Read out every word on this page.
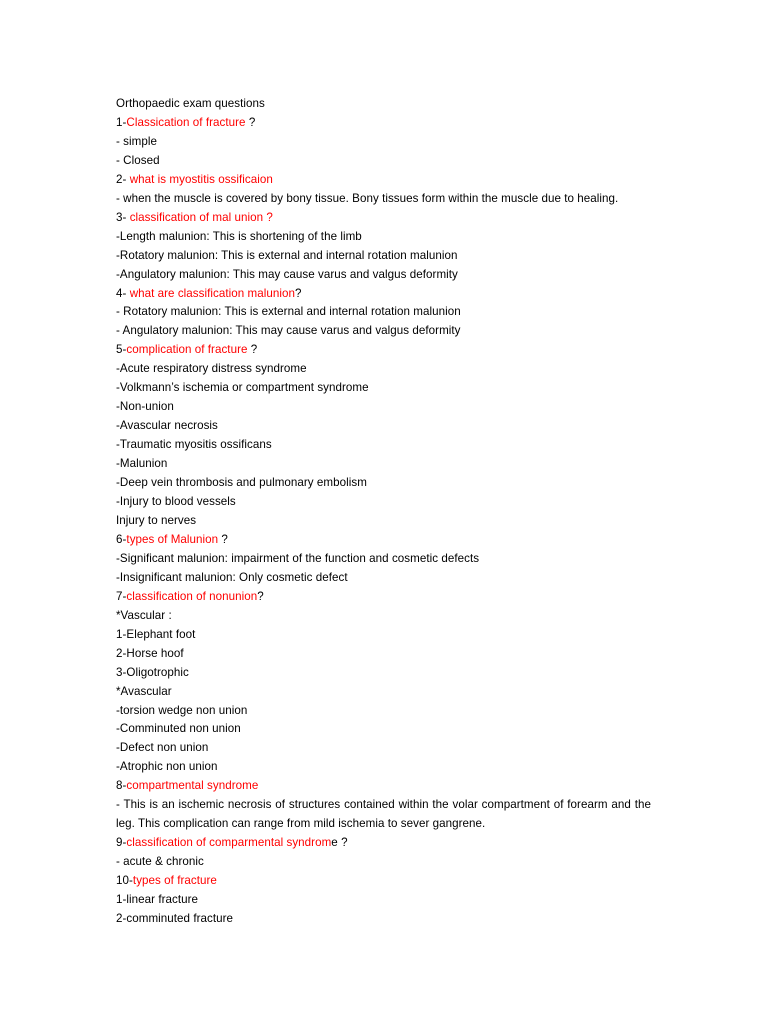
Orthopaedic exam questions
1-Classication of fracture ?
- simple
- Closed
2- what is myostitis ossificaion
- when the muscle is covered by bony tissue. Bony tissues form within the muscle due to healing.
3- classification of mal union ?
-Length malunion: This is shortening of the limb
-Rotatory malunion: This is external and internal rotation malunion
-Angulatory malunion: This may cause varus and valgus deformity
4- what are classification malunion?
- Rotatory malunion: This is external and internal rotation malunion
- Angulatory malunion: This may cause varus and valgus deformity
5-complication of fracture ?
-Acute respiratory distress syndrome
-Volkmann’s ischemia or compartment syndrome
-Non-union
-Avascular necrosis
-Traumatic myositis ossificans
-Malunion
-Deep vein thrombosis and pulmonary embolism
-Injury to blood vessels
Injury to nerves
6-types of Malunion ?
-Significant malunion: impairment of the function and cosmetic defects
-Insignificant malunion: Only cosmetic defect
7-classification of nonunion?
*Vascular :
1-Elephant foot
2-Horse hoof
3-Oligotrophic
*Avascular
-torsion wedge non union
-Comminuted non union
-Defect non union
-Atrophic non union
8-compartmental syndrome
- This is an ischemic necrosis of structures contained within the volar compartment of forearm and the leg. This complication can range from mild ischemia to sever gangrene.
9-classification of comparmental syndrome ?
- acute & chronic
10-types of fracture
1-linear fracture
2-comminuted fracture
